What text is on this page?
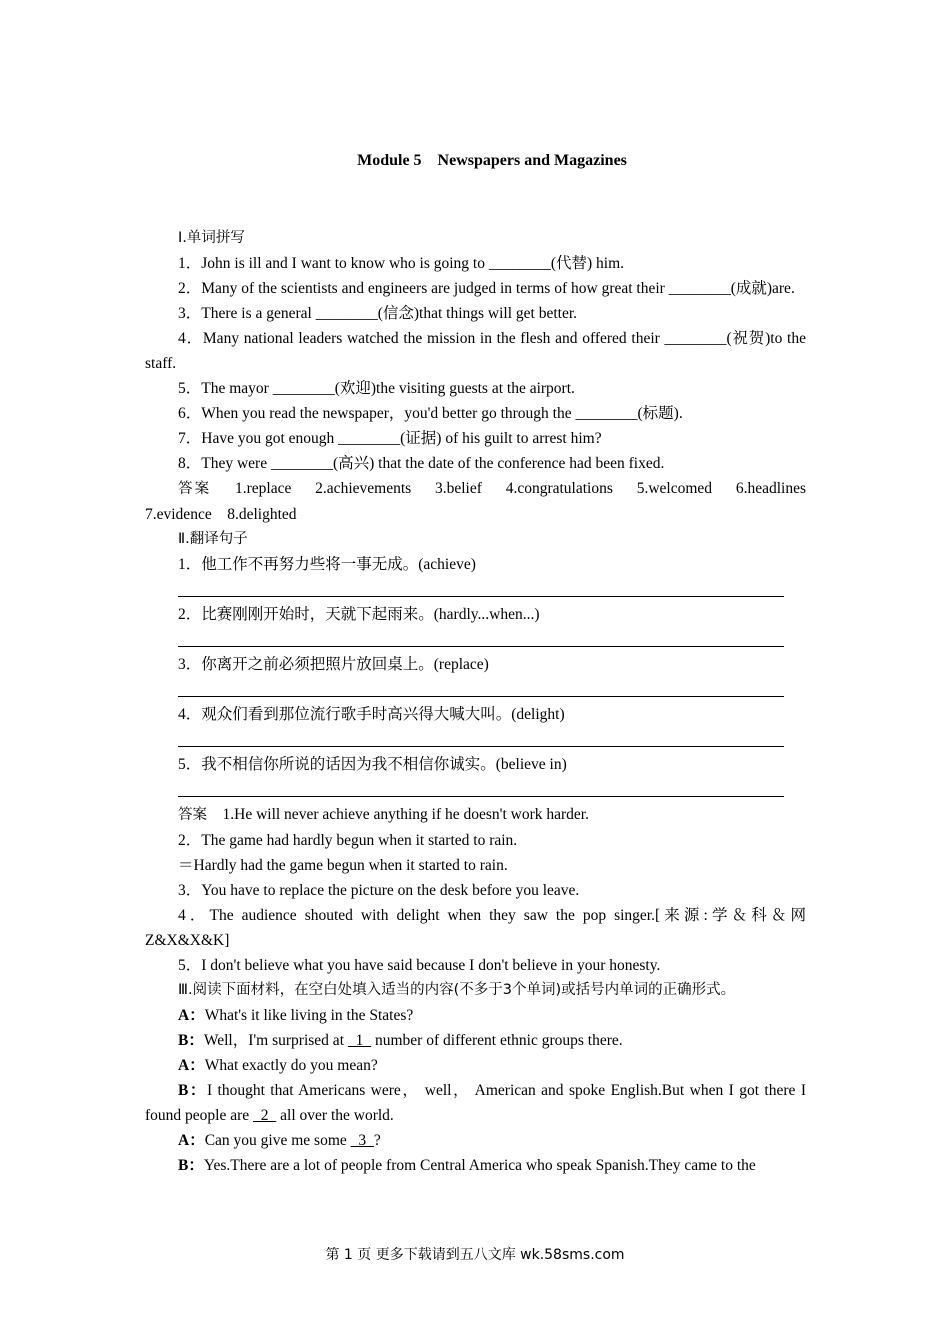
Module 5    Newspapers and Magazines

Ⅰ.单词拼写

1．John is ill and I want to know who is going to ________(代替) him.

2．Many of the scientists and engineers are judged in terms of how great their ________(成就)are.

3．There is a general ________(信念)that things will get better.

4．Many national leaders watched the mission in the flesh and offered their ________(祝贺)to the staff.

5．The mayor ________(欢迎)the visiting guests at the airport.

6．When you read the newspaper，you'd better go through the ________(标题).

7．Have you got enough ________(证据) of his guilt to arrest him?

8．They were ________(高兴) that the date of the conference had been fixed.

答案 1.replace    2.achievements    3.belief    4.congratulations    5.welcomed    6.headlines    7.evidence    8.delighted

Ⅱ.翻译句子

1．他工作不再努力些将一事无成。(achieve)

2．比赛刚刚开始时，天就下起雨来。(hardly...when...)

3．你离开之前必须把照片放回桌上。(replace)

4．观众们看到那位流行歌手时高兴得大喊大叫。(delight)

5．我不相信你所说的话因为我不相信你诚实。(believe in)

答案 1.He will never achieve anything if he doesn't work harder.

2．The game had hardly begun when it started to rain.

＝Hardly had the game begun when it started to rain.

3．You have to replace the picture on the desk before you leave.

4．The audience shouted with delight when they saw the pop singer.[来源:学＆科＆网Z&X&X&K]

5．I don't believe what you have said because I don't believe in your honesty.

Ⅲ.阅读下面材料，在空白处填入适当的内容(不多于3个单词)或括号内单词的正确形式。

A：What's it like living in the States?

B：Well，I'm surprised at   1   number of different ethnic groups there.

A：What exactly do you mean?

B：I thought that Americans were， well， American and spoke English.But when I got there I found people are   2   all over the world.

A：Can you give me some   3  ?

B：Yes.There are a lot of people from Central America who speak Spanish.They came to the

第 1 页 更多下载请到五八文库 wk.58sms.com
